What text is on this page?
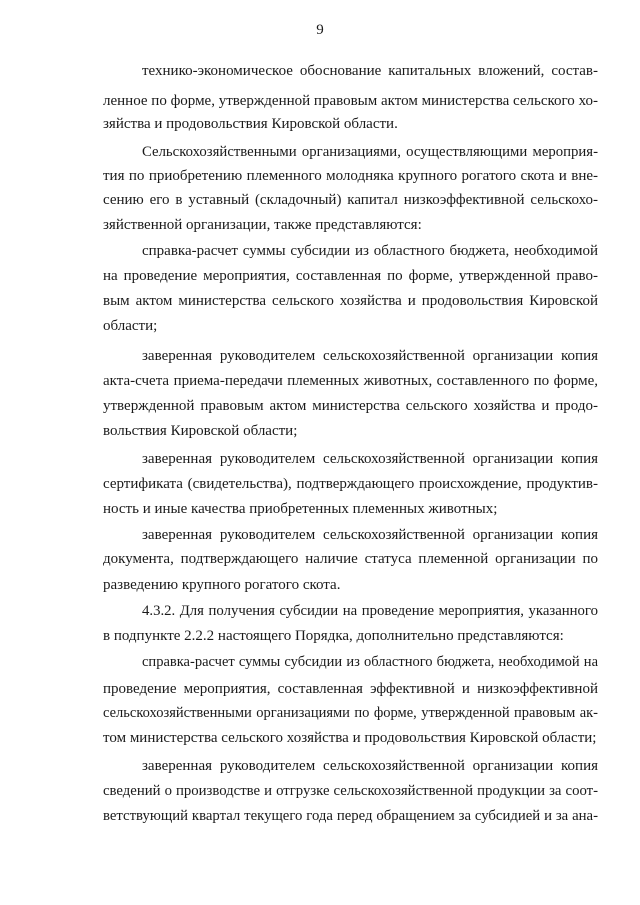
9
технико-экономическое обоснование капитальных вложений, состав-
ленное по форме, утвержденной правовым актом министерства сельского хо-
зяйства и продовольствия Кировской области.
Сельскохозяйственными организациями, осуществляющими мероприя-
тия по приобретению племенного молодняка крупного рогатого скота и вне-
сению его в уставный (складочный) капитал низкоэффективной сельскохо-
зяйственной организации, также представляются:
справка-расчет суммы субсидии из областного бюджета, необходимой
на проведение мероприятия, составленная по форме, утвержденной право-
вым актом министерства сельского хозяйства и продовольствия Кировской
области;
заверенная руководителем сельскохозяйственной организации копия
акта-счета приема-передачи племенных животных, составленного по форме,
утвержденной правовым актом министерства сельского хозяйства и продо-
вольствия Кировской области;
заверенная руководителем сельскохозяйственной организации копия
сертификата (свидетельства), подтверждающего происхождение, продуктив-
ность и иные качества приобретенных племенных животных;
заверенная руководителем сельскохозяйственной организации копия
документа, подтверждающего наличие статуса племенной организации по
разведению крупного рогатого скота.
4.3.2. Для получения субсидии на проведение мероприятия, указанного
в подпункте 2.2.2 настоящего Порядка, дополнительно представляются:
справка-расчет суммы субсидии из областного бюджета, необходимой на
проведение мероприятия, составленная эффективной и низкоэффективной
сельскохозяйственными организациями по форме, утвержденной правовым ак-
том министерства сельского хозяйства и продовольствия Кировской области;
заверенная руководителем сельскохозяйственной организации копия
сведений о производстве и отгрузке сельскохозяйственной продукции за соот-
ветствующий квартал текущего года перед обращением за субсидией и за ана-
